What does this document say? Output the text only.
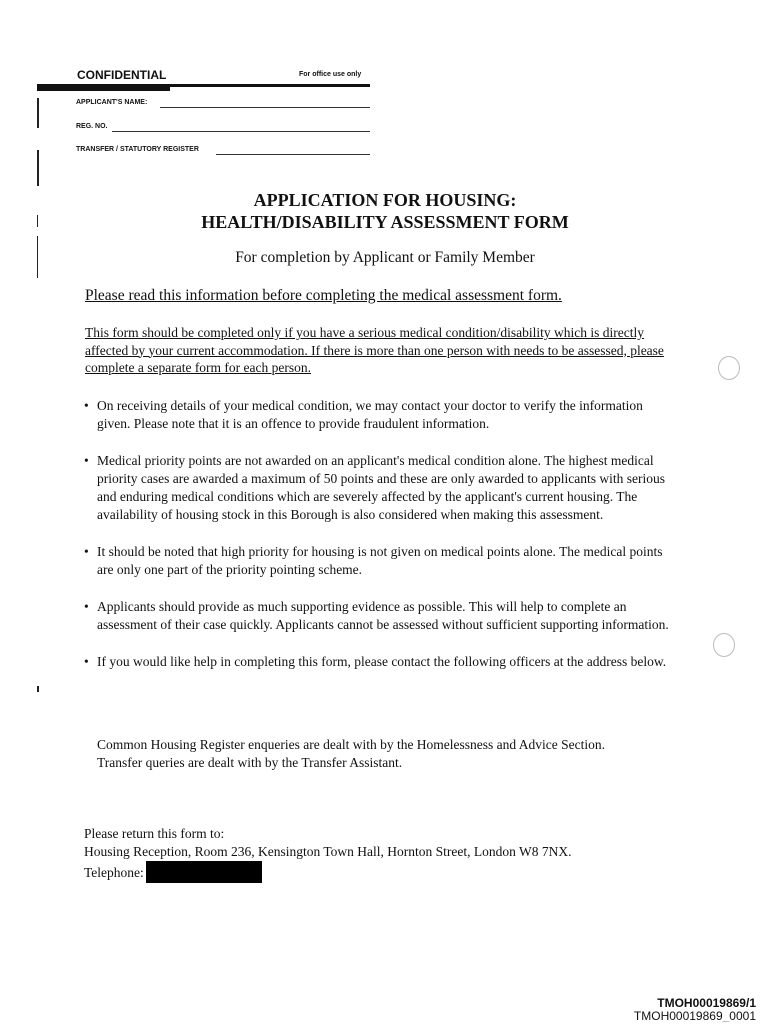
CONFIDENTIAL	For office use only
APPLICANT'S NAME:
REG. NO.
TRANSFER / STATUTORY REGISTER
APPLICATION FOR HOUSING:
HEALTH/DISABILITY ASSESSMENT FORM
For completion by Applicant or Family Member
Please read this information before completing the medical assessment form.
This form should be completed only if you have a serious medical condition/disability which is directly affected by your current accommodation. If there is more than one person with needs to be assessed, please complete a separate form for each person.
• On receiving details of your medical condition, we may contact your doctor to verify the information given. Please note that it is an offence to provide fraudulent information.
• Medical priority points are not awarded on an applicant's medical condition alone. The highest medical priority cases are awarded a maximum of 50 points and these are only awarded to applicants with serious and enduring medical conditions which are severely affected by the applicant's current housing. The availability of housing stock in this Borough is also considered when making this assessment.
• It should be noted that high priority for housing is not given on medical points alone. The medical points are only one part of the priority pointing scheme.
• Applicants should provide as much supporting evidence as possible. This will help to complete an assessment of their case quickly. Applicants cannot be assessed without sufficient supporting information.
• If you would like help in completing this form, please contact the following officers at the address below.
Common Housing Register enqueries are dealt with by the Homelessness and Advice Section.
Transfer queries are dealt with by the Transfer Assistant.
Please return this form to:
Housing Reception, Room 236, Kensington Town Hall, Hornton Street, London W8 7NX.
Telephone:
TMOH00019869/1
TMOH00019869_0001
